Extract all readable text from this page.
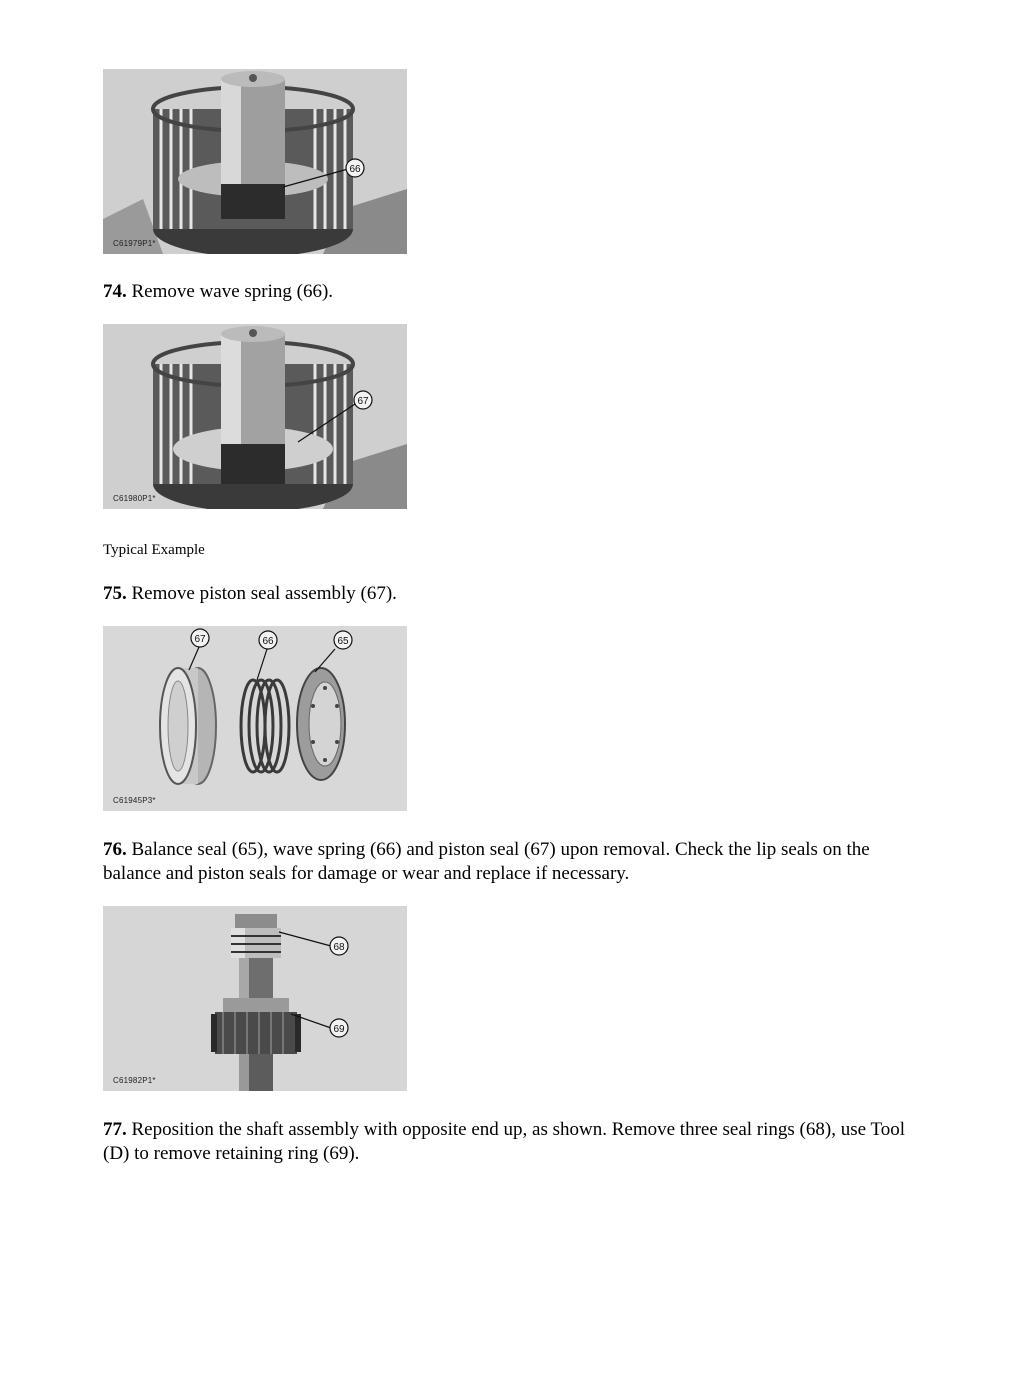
66
C61979P1*
74. Remove wave spring (66).
67
C61980P1*
Typical Example
75. Remove piston seal assembly (67).
67	66	65
C61945P3*
76. Balance seal (65), wave spring (66) and piston seal (67) upon removal. Check the lip seals on the balance and piston seals for damage or wear and replace if necessary.
68
69
C61982P1*
77. Reposition the shaft assembly with opposite end up, as shown. Remove three seal rings (68), use Tool (D) to remove retaining ring (69).
